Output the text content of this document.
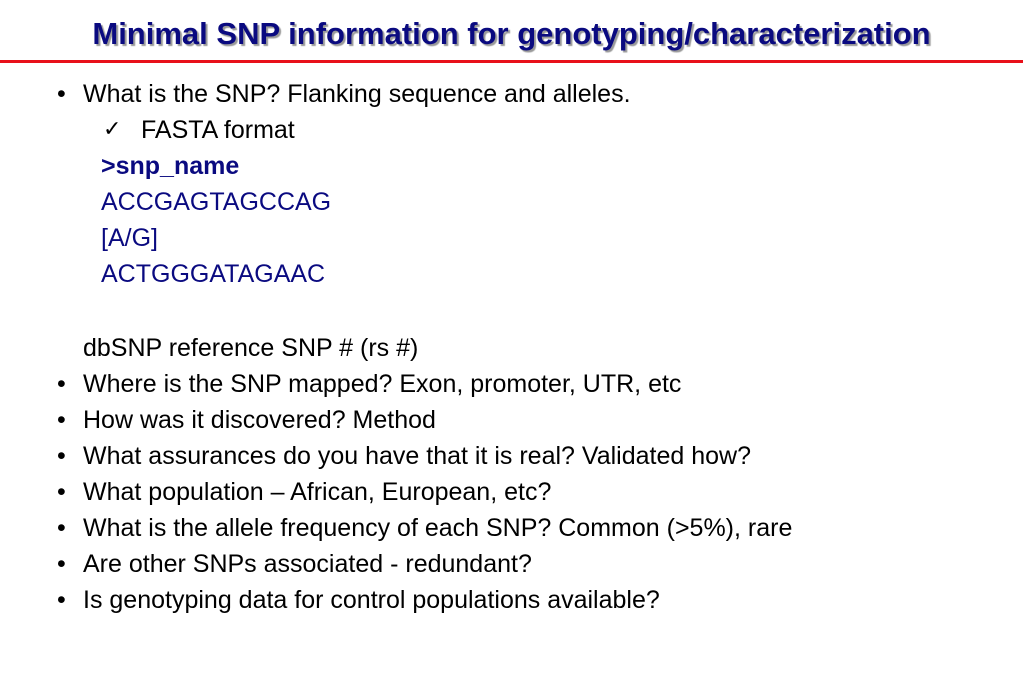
Minimal SNP information for genotyping/characterization
• What is the SNP? Flanking sequence and alleles.
✓ FASTA format
>snp_name
ACCGAGTAGCCAG
[A/G]
ACTGGGATAGAAC
dbSNP reference SNP # (rs #)
• Where is the SNP mapped? Exon, promoter, UTR, etc
• How was it discovered? Method
• What assurances do you have that it is real? Validated how?
• What population – African, European, etc?
• What is the allele frequency of each SNP? Common (>5%), rare
• Are other SNPs associated - redundant?
• Is genotyping data for control populations available?
